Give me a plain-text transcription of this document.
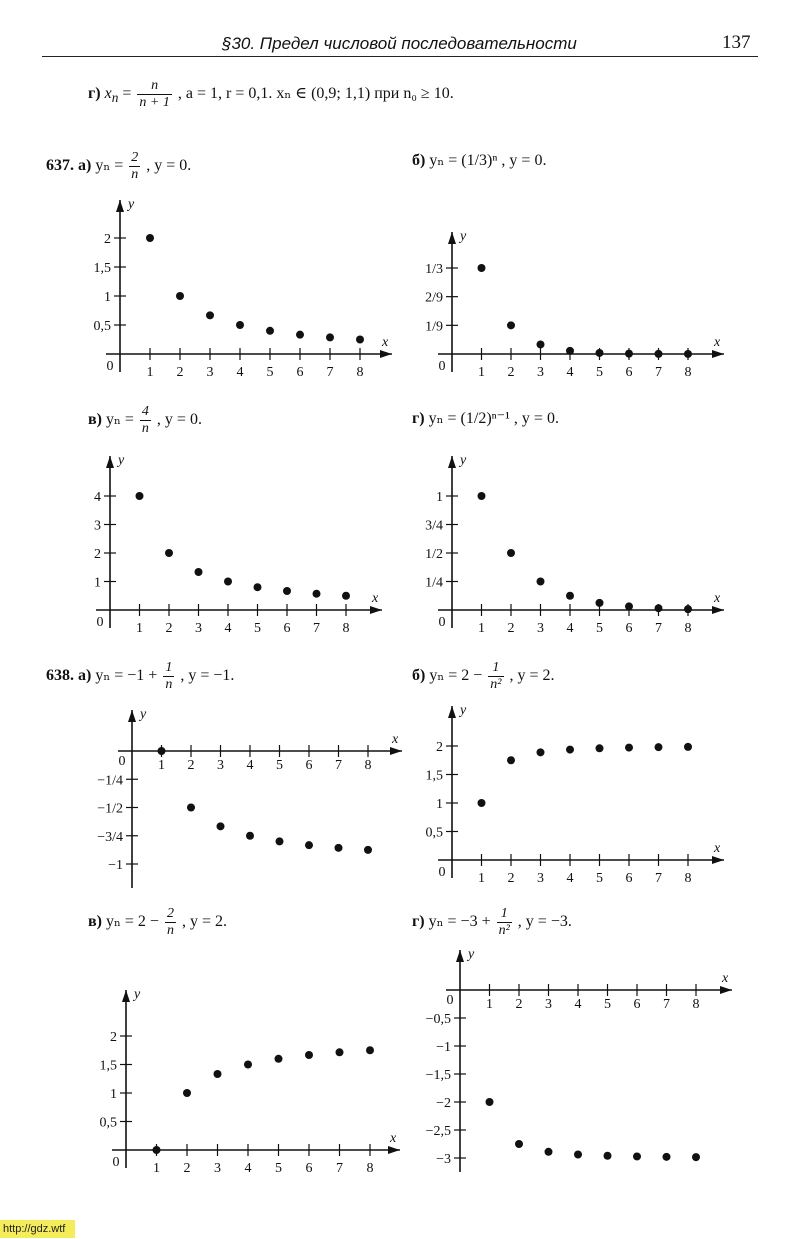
§30. Предел числовой последовательности	137
г) $x_n = \frac{n}{n + 1}$ , a = 1, r = 0,1. xₙ ∈ (0,9; 1,1) при n₀ ≥ 10.
637. а) $y_n = \frac{2}{n}$ , y = 0.	б) yₙ = (1/3)ⁿ , y = 0.
в) $y_n = \frac{4}{n}$ , y = 0.	г) yₙ = (1/2)ⁿ⁻¹ , y = 0.
638. а) $y_n = -1 + \frac{1}{n}$ , y = −1.	б) $y_n = 2 - \frac{1}{\text{n²}}$ , y = 2.
в) $y_n = 2 - \frac{2}{n}$ , y = 2.	г) $y_n = -3 + \frac{1}{\text{n²}}$ , y = −3.
y
x
0 1 2 3 4 5 6 7 8
0,5
1
1,5
2	y
x
0 1 2 3 4 5 6 7 8
1/9
2/9
1/3
y
x
0 1 2 3 4 5 6 7 8
1
2
3
4
y
x
0 1 2 3 4 5 6 7 8
1/4
1/2
3/4
1
y
x
0 1 2 3 4 5 6 7 8
−1/4
−1/2
−3/4
−1
y
x
0 1 2 3 4 5 6 7 8
0,5
1
1,5
2
y
x
0 1 2 3 4 5 6 7 8
0,5
1
1,5
2
y
x
0 1 2 3 4 5 6 7 8
−0,5
−1
−1,5
−2
−2,5
−3
http://gdz.wtf
